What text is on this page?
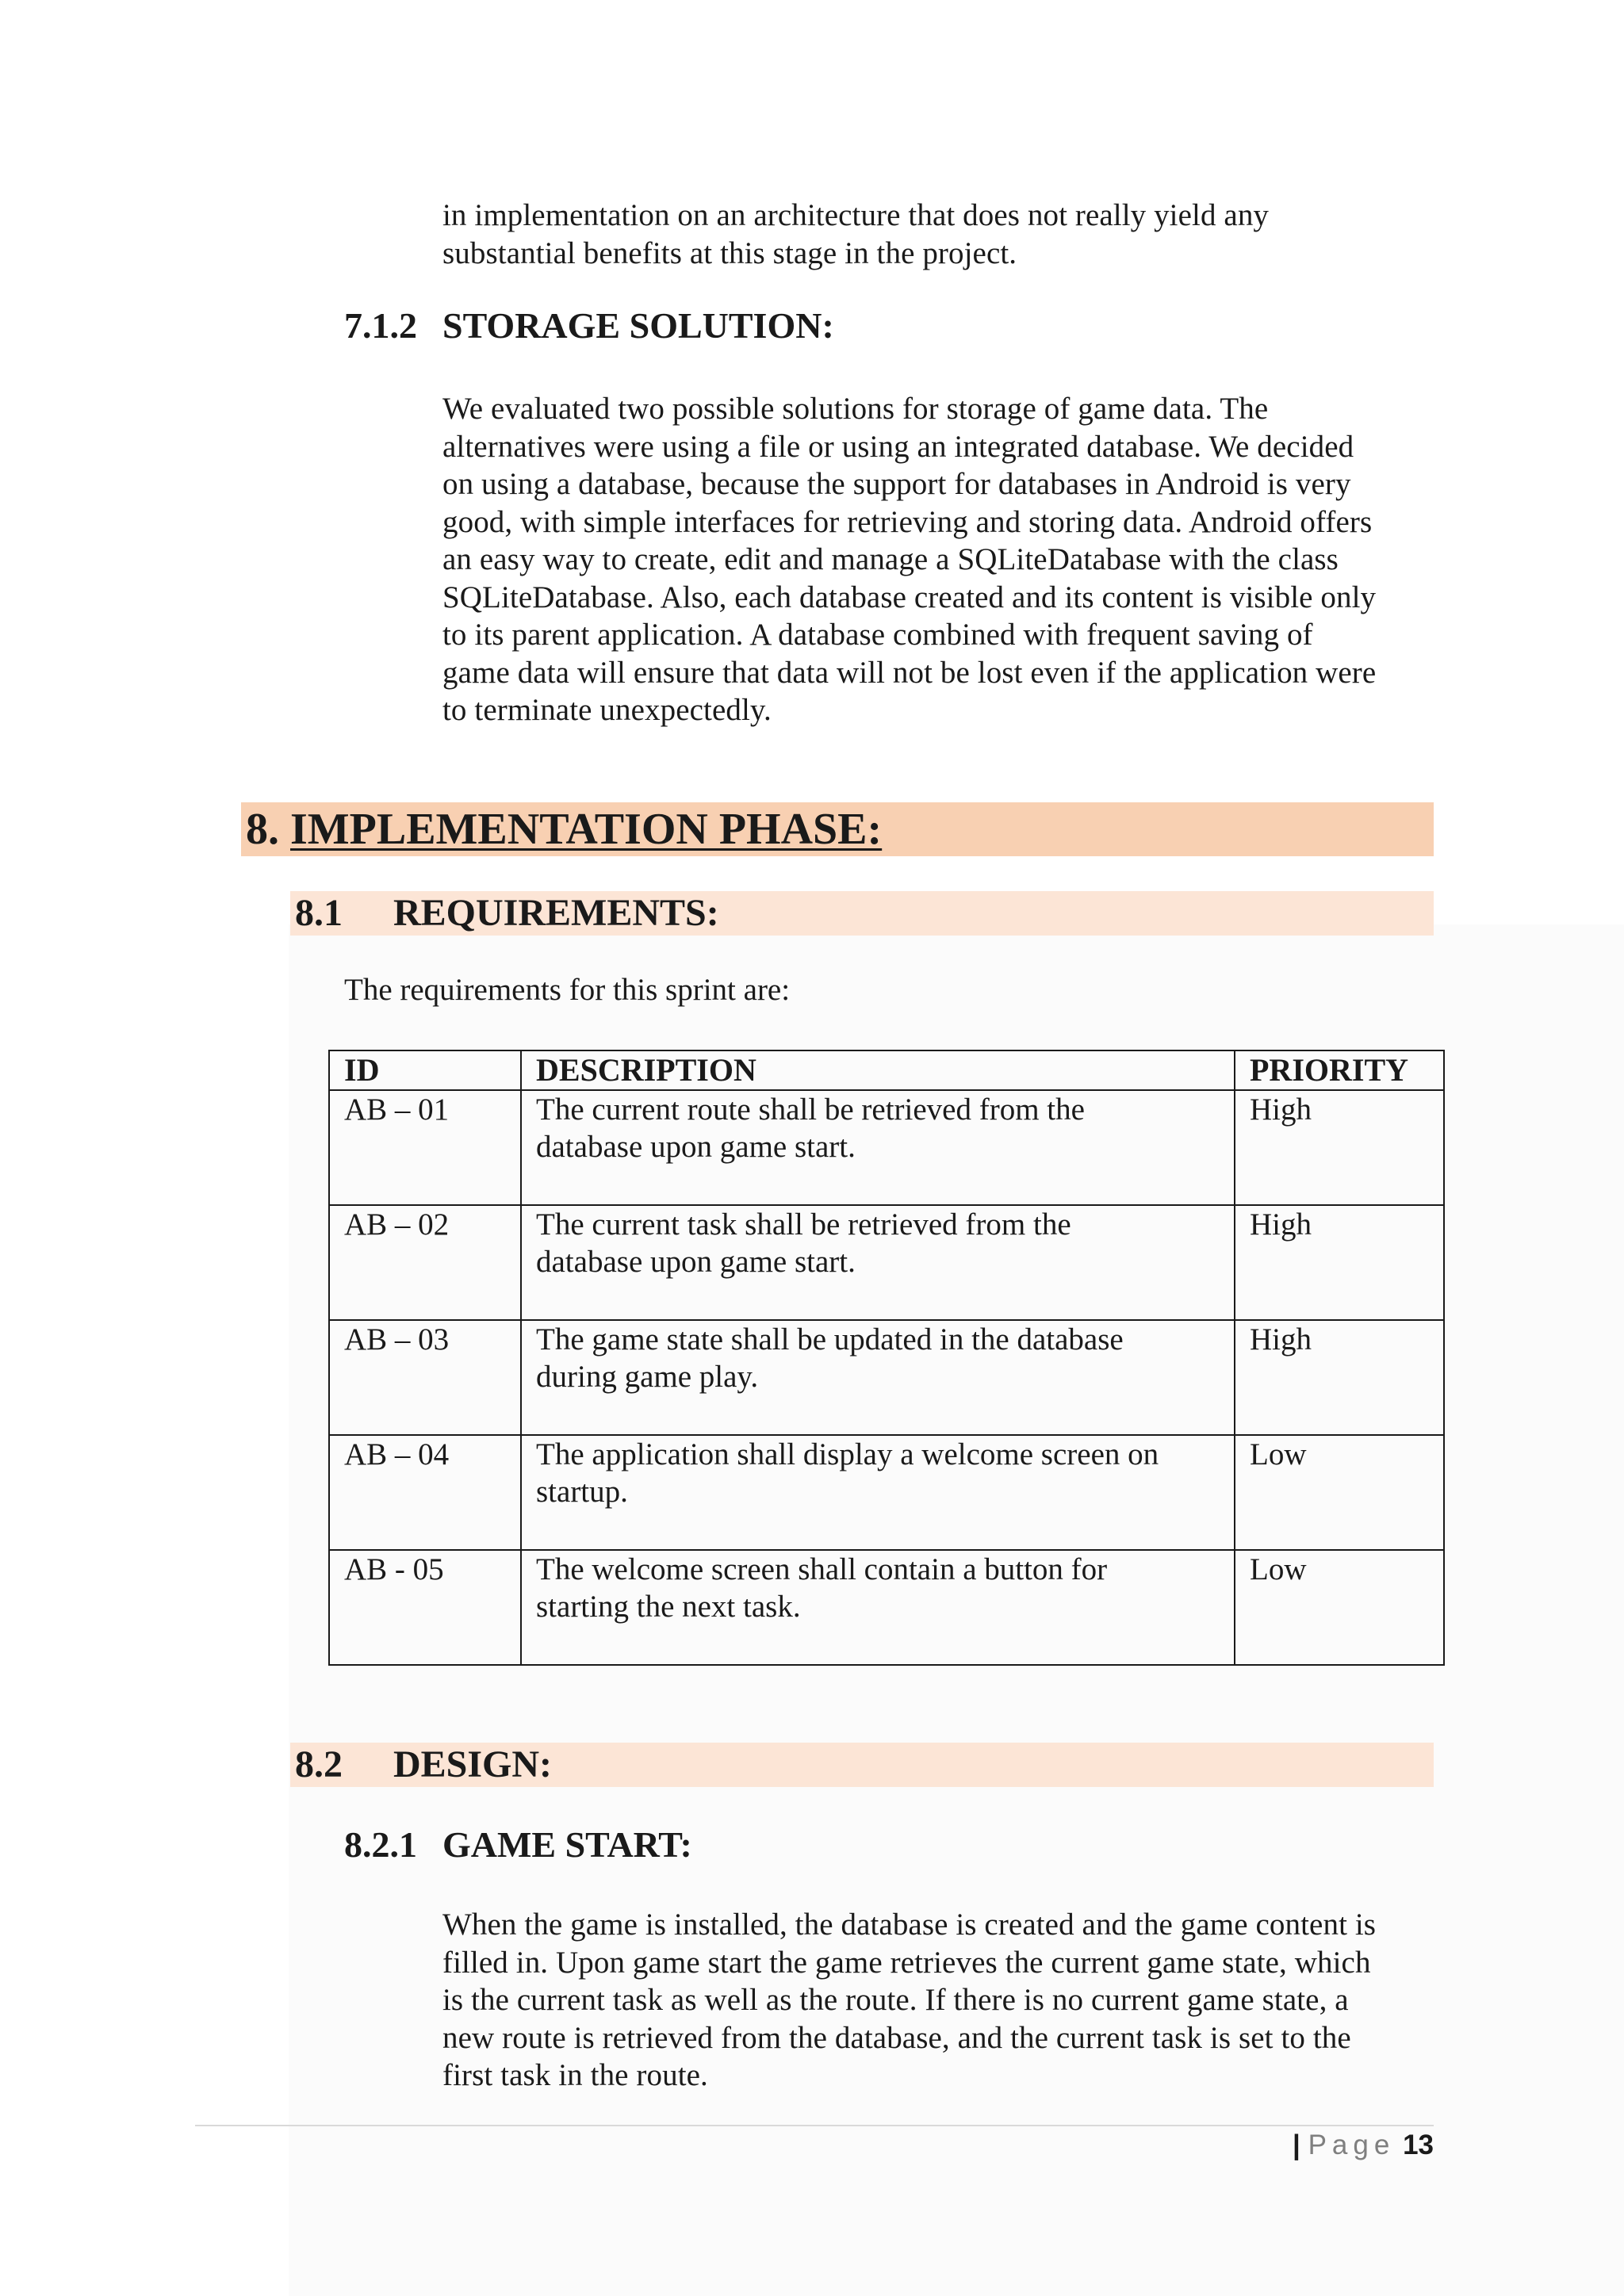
in implementation on an architecture that does not really yield any
substantial benefits at this stage in the project.
7.1.2 STORAGE SOLUTION:
We evaluated two possible solutions for storage of game data. The
alternatives were using a file or using an integrated database. We decided
on using a database, because the support for databases in Android is very
good, with simple interfaces for retrieving and storing data. Android offers
an easy way to create, edit and manage a SQLiteDatabase with the class
SQLiteDatabase. Also, each database created and its content is visible only
to its parent application. A database combined with frequent saving of
game data will ensure that data will not be lost even if the application were
to terminate unexpectedly.
8. IMPLEMENTATION PHASE:
8.1 REQUIREMENTS:
The requirements for this sprint are:
ID	DESCRIPTION	PRIORITY
AB – 01	The current route shall be retrieved from the
database upon game start.	High
AB – 02	The current task shall be retrieved from the
database upon game start.	High
AB – 03	The game state shall be updated in the database
during game play.	High
AB – 04	The application shall display a welcome screen on
startup.	Low
AB - 05	The welcome screen shall contain a button for
starting the next task.	Low
8.2 DESIGN:
8.2.1 GAME START:
When the game is installed, the database is created and the game content is
filled in. Upon game start the game retrieves the current game state, which
is the current task as well as the route. If there is no current game state, a
new route is retrieved from the database, and the current task is set to the
first task in the route.
| Page 13
